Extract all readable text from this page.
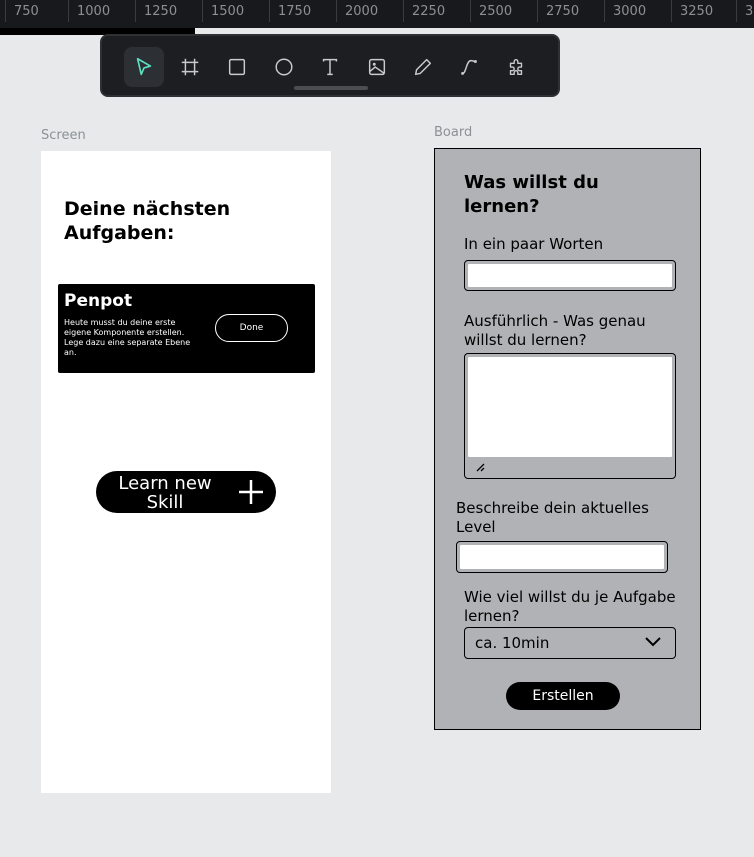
750	1000	1250	1500	1750	2000	2250	2500	2750	3000	3250 3
Screen	Board
Deine nächsten Aufgaben:
Penpot
Heute musst du deine erste eigene Komponente erstellen. Lege dazu eine separate Ebene an.
Done
Learn new Skill
Was willst du lernen?
In ein paar Worten
Ausführlich - Was genau willst du lernen?
Beschreibe dein aktuelles Level
Wie viel willst du je Aufgabe lernen?
ca. 10min
Erstellen
